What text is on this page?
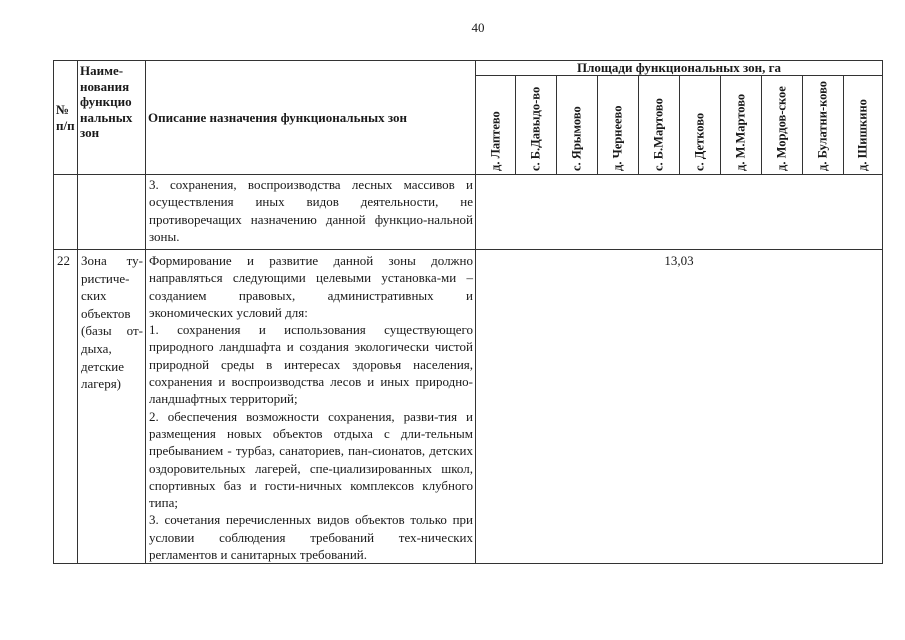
40
№ п/п	Наиме-нования функцио нальных зон	Описание назначения функциональных зон	Площади функциональных зон, га									

			д. Лаптево	с. Б.Давыдо-во	с. Ярымово	д. Чернеево	с. Б.Мартово	с. Детково	д. М.Мартово	д. Мордов-ское	д. Булатни-ково	д. Шишкино

		3. сохранения, воспроизводства лесных массивов и осуществления иных видов деятельности, не противоречащих назначению данной функцио-нальной зоны.										

22	Зона ту-ристиче-ских объектов (базы от-дыха, детские лагеря)	Формирование и развитие данной зоны должно направляться следующими целевыми установка-ми – созданием правовых, административных и экономических условий для:

1. сохранения и использования существующего природного ландшафта и создания экологически чистой природной среды в интересах здоровья населения, сохранения и воспроизводства лесов и иных природно-ландшафтных территорий;

2. обеспечения возможности сохранения, разви-тия и размещения новых объектов отдыха с дли-тельным пребыванием - турбаз, санаториев, пан-сионатов, детских оздоровительных лагерей, спе-циализированных школ, спортивных баз и гости-ничных комплексов клубного типа;

3. сочетания перечисленных видов объектов только при условии соблюдения требований тех-нических регламентов и санитарных требований.	13,03									
